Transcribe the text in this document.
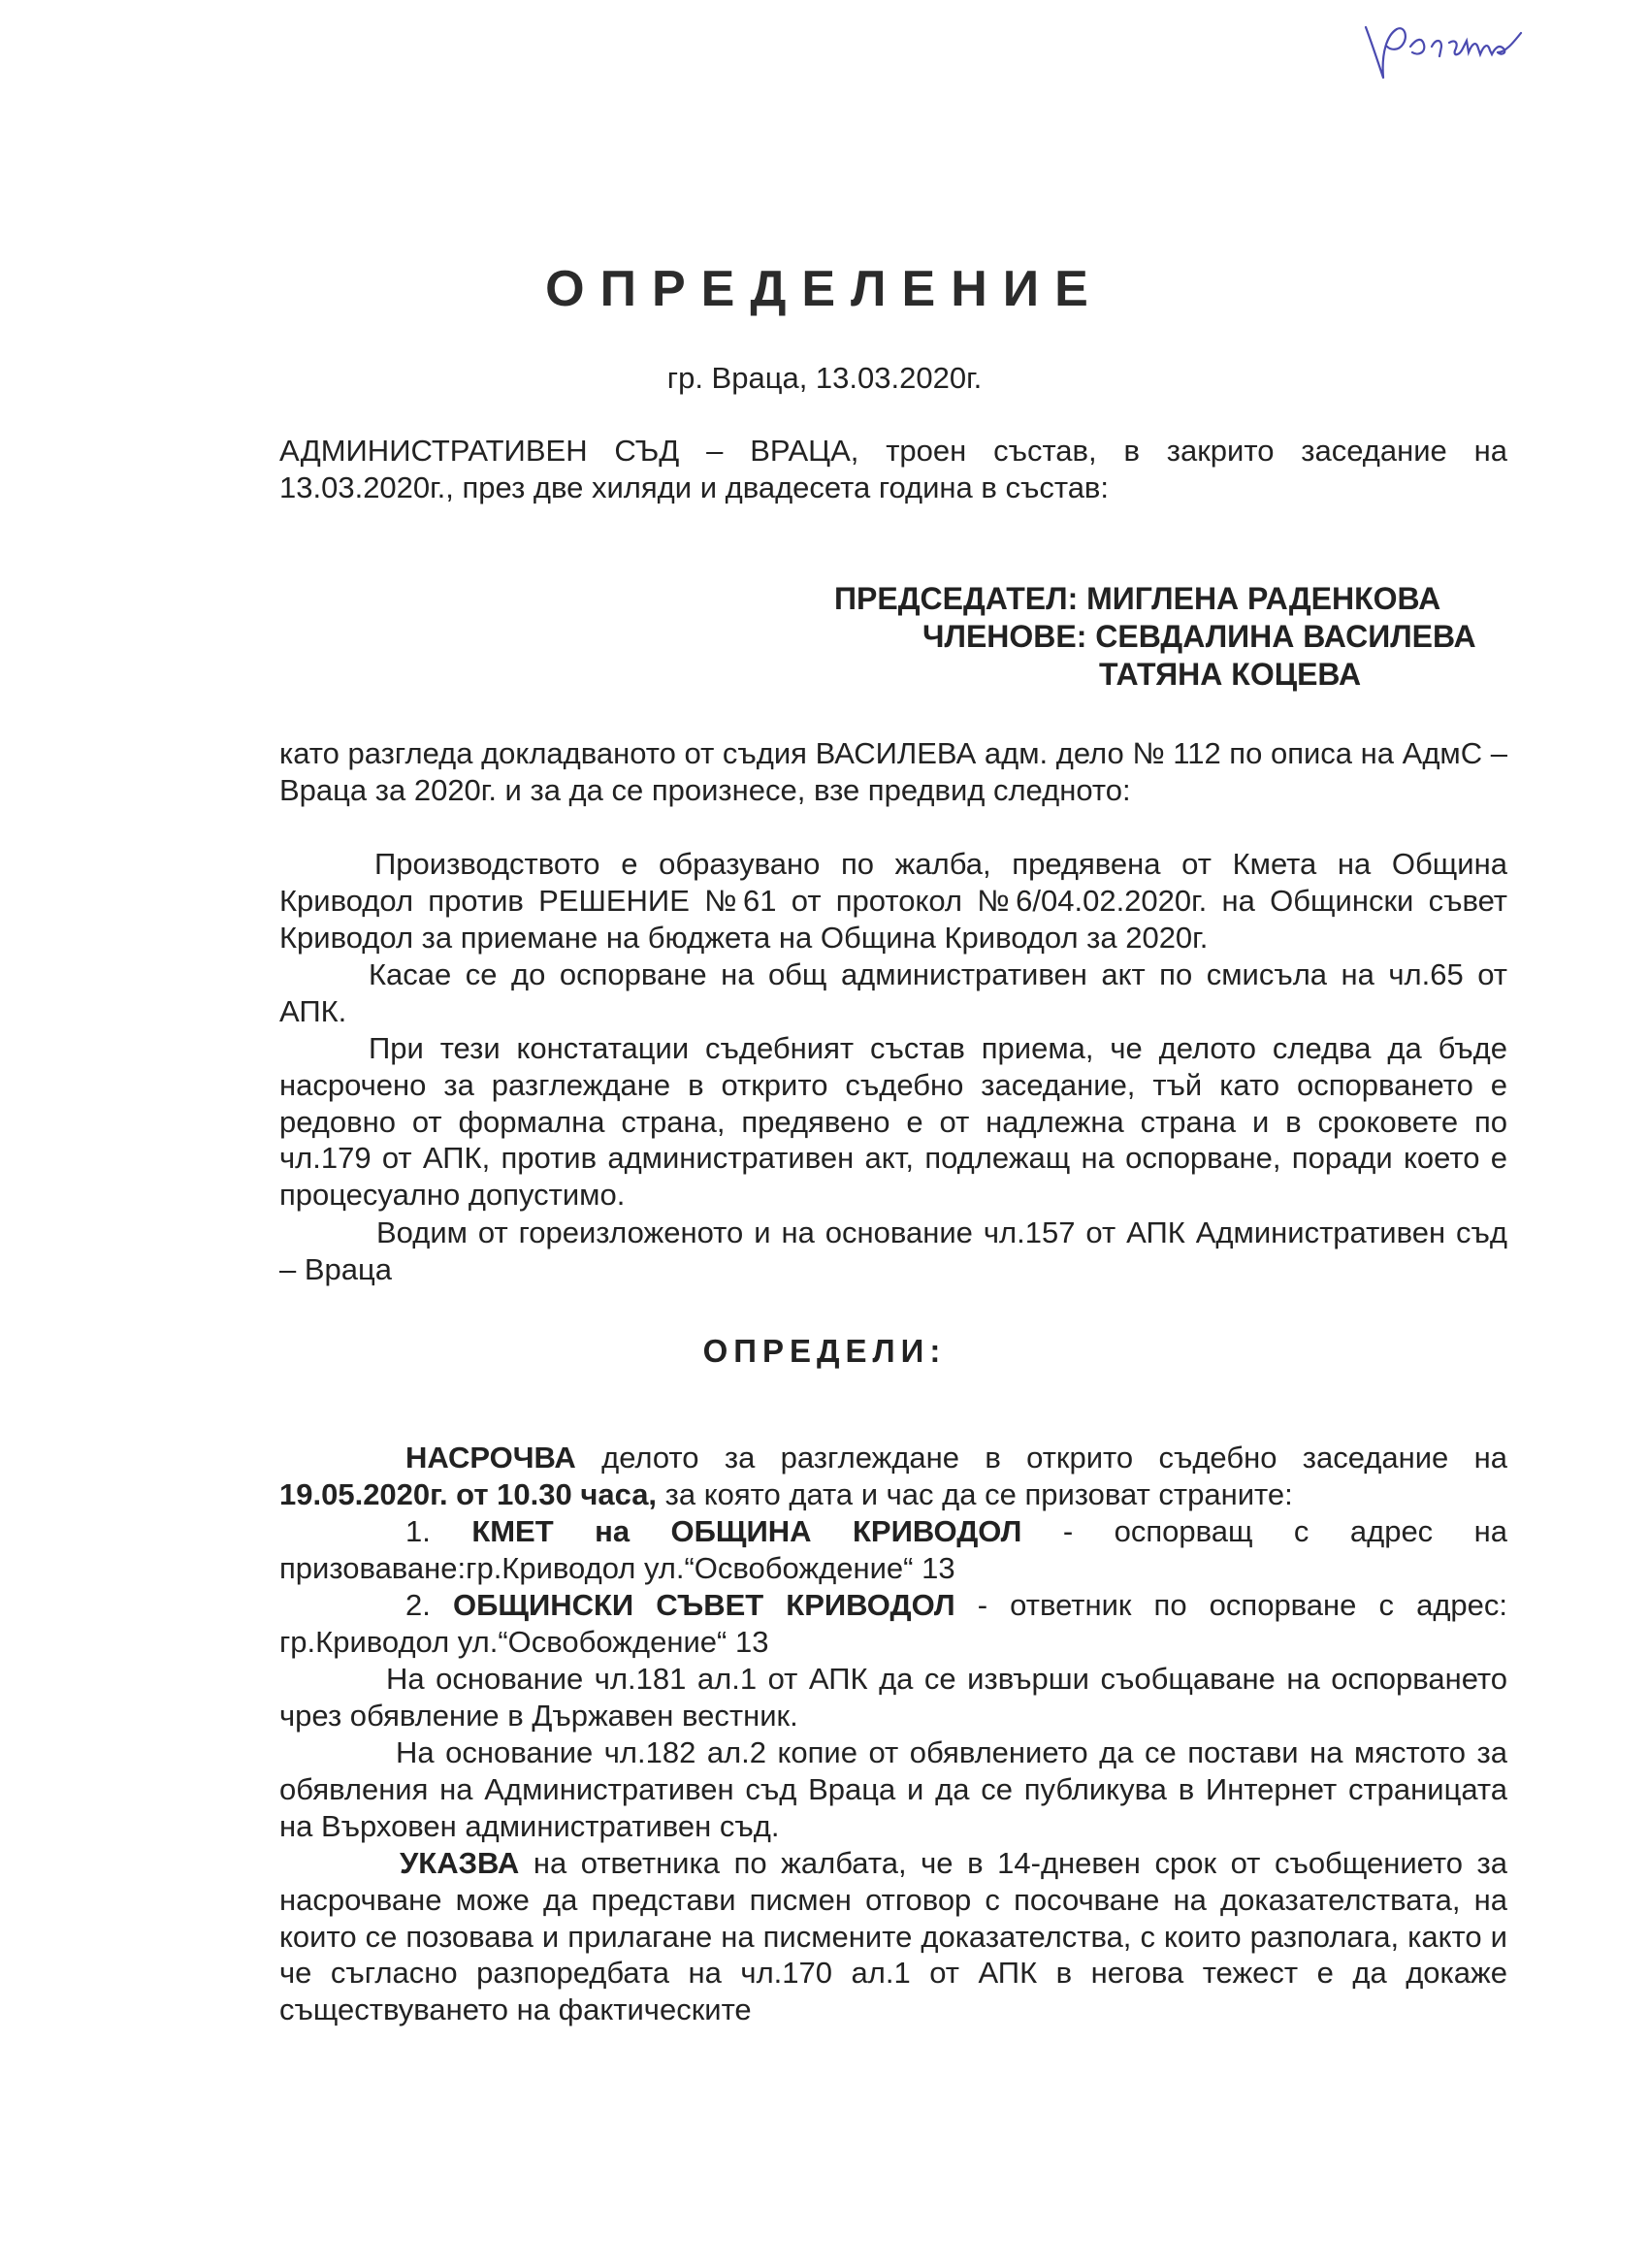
ОПРЕДЕЛЕНИЕ
гр. Враца, 13.03.2020г.
АДМИНИСТРАТИВЕН СЪД – ВРАЦА, троен състав, в закрито заседание на 13.03.2020г., през две хиляди и двадесета година в състав:
ПРЕДСЕДАТЕЛ: МИГЛЕНА РАДЕНКОВА
ЧЛЕНОВЕ: СЕВДАЛИНА ВАСИЛЕВА
ТАТЯНА КОЦЕВА
като разгледа докладваното от съдия ВАСИЛЕВА адм. дело № 112 по описа на АдмС – Враца за 2020г. и за да се произнесе, взе предвид следното:
Производството е образувано по жалба, предявена от Кмета на Община Криводол против РЕШЕНИЕ №61 от протокол №6/04.02.2020г. на Общински съвет Криводол за приемане на бюджета на Община Криводол за 2020г.
Касае се до оспорване на общ административен акт по смисъла на чл.65 от АПК.
При тези констатации съдебният състав приема, че делото следва да бъде насрочено за разглеждане в открито съдебно заседание, тъй като оспорването е редовно от формална страна, предявено е от надлежна страна и в сроковете по чл.179 от АПК, против административен акт, подлежащ на оспорване, поради което е процесуално допустимо.
Водим от гореизложеното и на основание чл.157 от АПК Административен съд – Враца
ОПРЕДЕЛИ:
НАСРОЧВА делото за разглеждане в открито съдебно заседание на 19.05.2020г. от 10.30 часа, за която дата и час да се призоват страните:
1. КМЕТ на ОБЩИНА КРИВОДОЛ - оспорващ с адрес на призоваване:гр.Криводол ул.“Освобождение“ 13
2. ОБЩИНСКИ СЪВЕТ КРИВОДОЛ - ответник по оспорване с адрес: гр.Криводол ул.“Освобождение“ 13
На основание чл.181 ал.1 от АПК да се извърши съобщаване на оспорването чрез обявление в Държавен вестник.
На основание чл.182 ал.2 копие от обявлението да се постави на мястото за обявления на Административен съд Враца и да се публикува в Интернет страницата на Върховен административен съд.
УКАЗВА на ответника по жалбата, че в 14-дневен срок от съобщението за насрочване може да представи писмен отговор с посочване на доказателствата, на които се позовава и прилагане на писмените доказателства, с които разполага, както и че съгласно разпоредбата на чл.170 ал.1 от АПК в негова тежест е да докаже съществуването на фактическите
